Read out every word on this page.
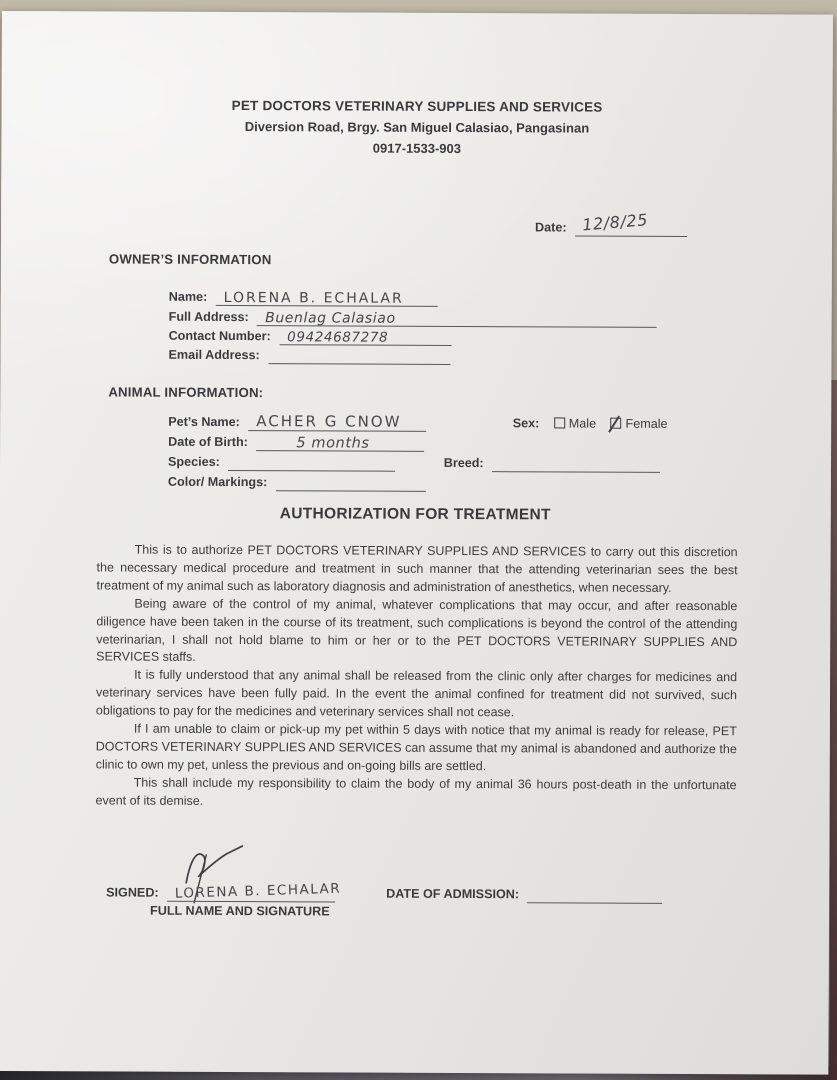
PET DOCTORS VETERINARY SUPPLIES AND SERVICES
Diversion Road, Brgy. San Miguel Calasiao, Pangasinan
0917-1533-903
Date: 12/8/25
OWNER’S INFORMATION
Name: LORENA B. ECHALAR
Full Address: Buenlag Calasiao
Contact Number: 09424687278
Email Address:
ANIMAL INFORMATION:
Pet’s Name: ACHER G CNOW	Sex: Male Female
Date of Birth:	5 months
Species:	Breed:
Color/ Markings:
AUTHORIZATION FOR TREATMENT

This is to authorize PET DOCTORS VETERINARY SUPPLIES AND SERVICES to carry out this discretion the necessary medical procedure and treatment in such manner that the attending veterinarian sees the best treatment of my animal such as laboratory diagnosis and administration of anesthetics, when necessary.

Being aware of the control of my animal, whatever complications that may occur, and after reasonable diligence have been taken in the course of its treatment, such complications is beyond the control of the attending veterinarian, I shall not hold blame to him or her or to the PET DOCTORS VETERINARY SUPPLIES AND SERVICES staffs.

It is fully understood that any animal shall be released from the clinic only after charges for medicines and veterinary services have been fully paid. In the event the animal confined for treatment did not survived, such obligations to pay for the medicines and veterinary services shall not cease.

If I am unable to claim or pick-up my pet within 5 days with notice that my animal is ready for release, PET DOCTORS VETERINARY SUPPLIES AND SERVICES can assume that my animal is abandoned and authorize the clinic to own my pet, unless the previous and on-going bills are settled.

This shall include my responsibility to claim the body of my animal 36 hours post-death in the unfortunate event of its demise.

SIGNED: LORENA B. ECHALAR
FULL NAME AND SIGNATURE
DATE OF ADMISSION:
